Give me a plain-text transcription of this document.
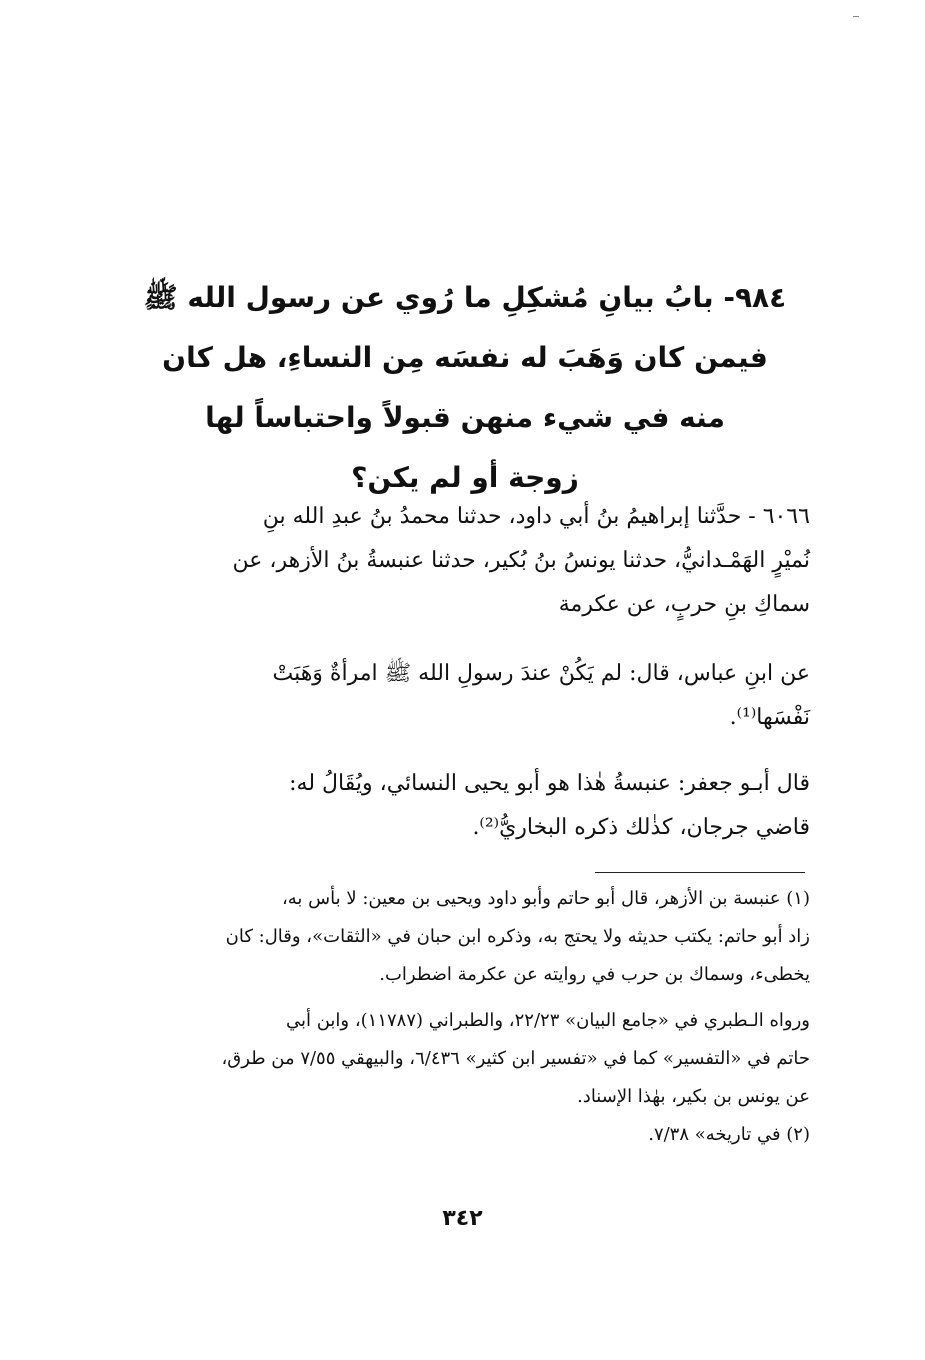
٩٨٤- بابُ بيانِ مُشكِلِ ما رُوي عن رسول الله ﷺ
فيمن كان وَهَبَ له نفسَه مِن النساءِ، هل كان
منه في شيء منهن قبولاً واحتباساً لها
زوجة أو لم يكن؟
٦٠٦٦ - حدَّثنا إبراهيمُ بنُ أبي داود، حدثنا محمدُ بنُ عبدِ الله بنِ
نُميْرٍ الهَمْـدانيُّ، حدثنا يونسُ بنُ بُكير، حدثنا عنبسةُ بنُ الأزهر، عن
سماكِ بنِ حربٍ، عن عكرمة
عن ابنِ عباس، قال: لم يَكُنْ عندَ رسولِ الله ﷺ امرأةٌ وَهَبَتْ
نَفْسَها⁽¹⁾.
قال أبـو جعفر: عنبسةُ هٰذا هو أبو يحيى النسائي، ويُقَالُ له:
قاضي جرجان، كذٰلك ذكره البخاريُّ⁽²⁾.
(١) عنبسة بن الأزهر، قال أبو حاتم وأبو داود ويحيى بن معين: لا بأس به،
زاد أبو حاتم: يكتب حديثه ولا يحتج به، وذكره ابن حبان في «الثقات»، وقال: كان
يخطىء، وسماك بن حرب في روايته عن عكرمة اضطراب.
ورواه الـطبري في «جامع البيان» ٢٢/٢٣، والطبراني (١١٧٨٧)، وابن أبي
حاتم في «التفسير» كما في «تفسير ابن كثير» ٦/٤٣٦، والبيهقي ٧/٥٥ من طرق،
عن يونس بن بكير، بهٰذا الإسناد.
(٢) في تاريخه» ٧/٣٨.
٣٤٢
